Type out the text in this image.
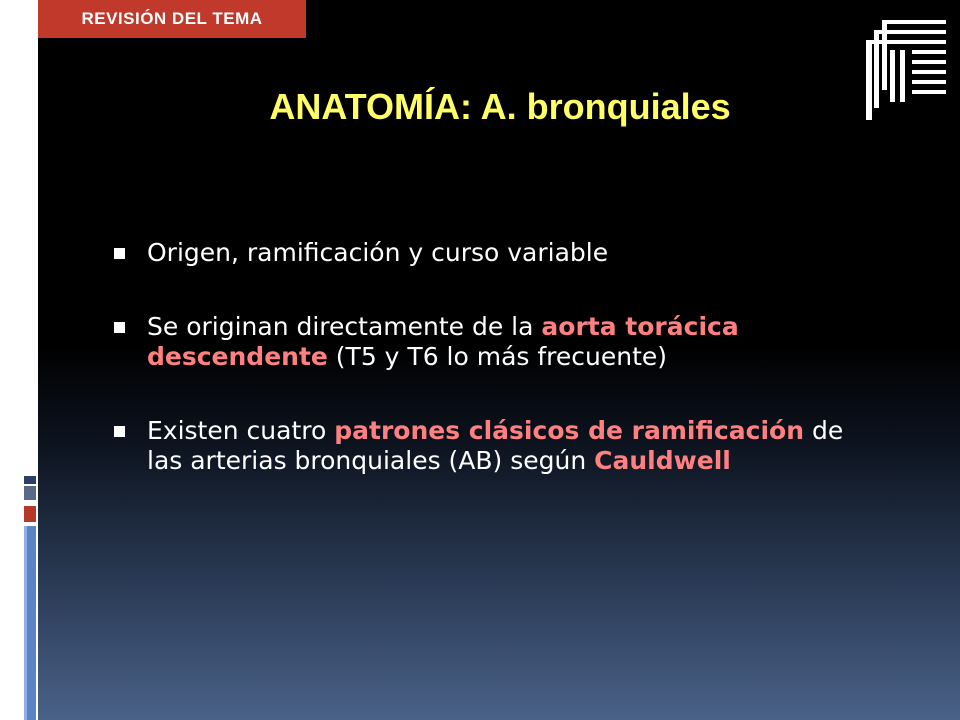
REVISIÓN DEL TEMA
ANATOMÍA: A. bronquiales
Origen, ramificación y curso variable
Se originan directamente de la aorta torácica descendente (T5 y T6 lo más frecuente)
Existen cuatro patrones clásicos de ramificación de las arterias bronquiales (AB) según Cauldwell
